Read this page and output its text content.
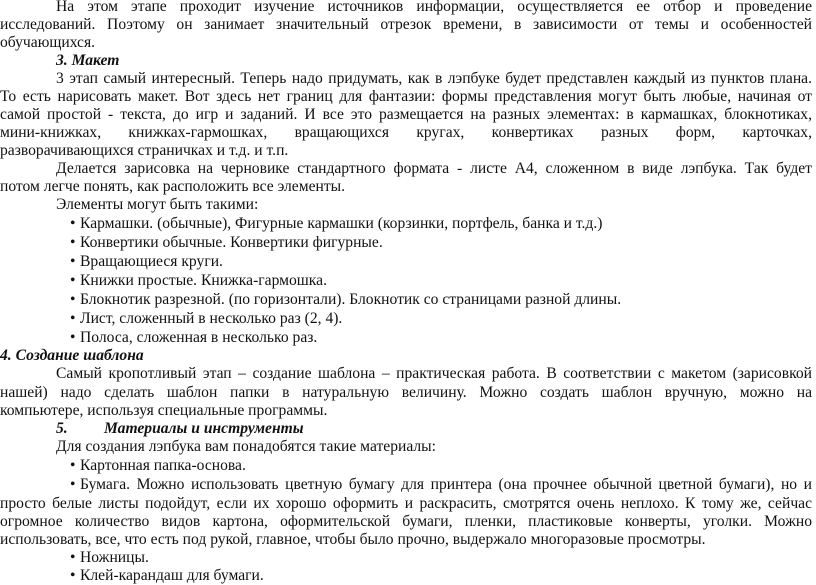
На этом этапе проходит изучение источников информации, осуществляется ее отбор и проведение
исследований. Поэтому он занимает значительный отрезок времени, в зависимости от темы и особенностей
обучающихся.
3. Макет
3 этап самый интересный. Теперь надо придумать, как в лэпбуке будет представлен каждый из пунктов плана.
То есть нарисовать макет. Вот здесь нет границ для фантазии: формы представления могут быть любые, начиная от
самой простой - текста, до игр и заданий. И все это размещается на разных элементах: в кармашках, блокнотиках,
мини-книжках, книжках-гармошках, вращающихся кругах, конвертиках разных форм, карточках,
разворачивающихся страничках и т.д. и т.п.
Делается зарисовка на черновике стандартного формата - листе А4, сложенном в виде лэпбука. Так будет
потом легче понять, как расположить все элементы.
Элементы могут быть такими:
• Кармашки. (обычные), Фигурные кармашки (корзинки, портфель, банка и т.д.)
• Конвертики обычные. Конвертики фигурные.
• Вращающиеся круги.
• Книжки простые. Книжка-гармошка.
• Блокнотик разрезной. (по горизонтали). Блокнотик со страницами разной длины.
• Лист, сложенный в несколько раз (2, 4).
• Полоса, сложенная в несколько раз.
4. Создание шаблона
Самый кропотливый этап – создание шаблона – практическая работа. В соответствии с макетом (зарисовкой
нашей) надо сделать шаблон папки в натуральную величину. Можно создать шаблон вручную, можно на
компьютере, используя специальные программы.
5. Материалы и инструменты
Для создания лэпбука вам понадобятся такие материалы:
• Картонная папка-основа.
• Бумага. Можно использовать цветную бумагу для принтера (она прочнее обычной цветной бумаги), но и
просто белые листы подойдут, если их хорошо оформить и раскрасить, смотрятся очень неплохо. К тому же, сейчас
огромное количество видов картона, оформительской бумаги, пленки, пластиковые конверты, уголки. Можно
использовать, все, что есть под рукой, главное, чтобы было прочно, выдержало многоразовые просмотры.
• Ножницы.
• Клей-карандаш для бумаги.
